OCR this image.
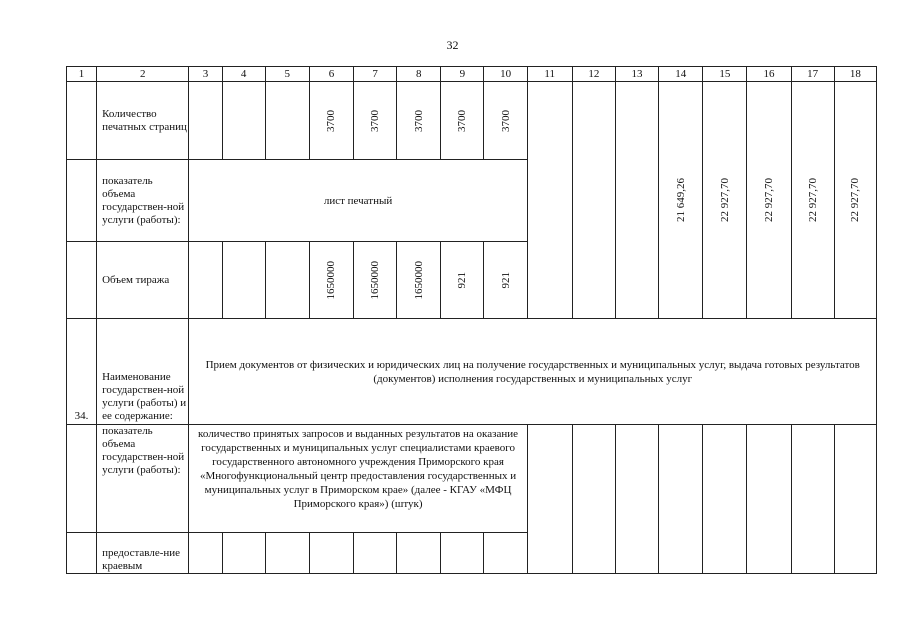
32
1	2	3	4	5	6	7	8	9	10	11	12	13	14	15	16	17	18
	Количество печатных страниц				3700	3700	3700	3700	3700				21 649,26	22 927,70	22 927,70	22 927,70	22 927,70

	показатель объема государствен-ной услуги (работы):	лист печатный															
	Объем тиража				1650000	1650000	1650000	921	921								

34.	Наименование государствен-ной услуги (работы) и ее содержание:	Прием документов от физических и юридических лиц на получение государственных и муниципальных услуг, выдача готовых результатов (документов) исполнения государственных и муниципальных услуг															
	показатель объема государствен-ной услуги (работы):	количество принятых запросов и выданных результатов на оказание государственных и муниципальных услуг специалистами краевого государственного автономного учреждения Приморского края «Многофункциональный центр предоставления государственных и муниципальных услуг в Приморском крае» (далее - КГАУ «МФЦ Приморского края») (штук)															
	предоставле-ние краевым																
